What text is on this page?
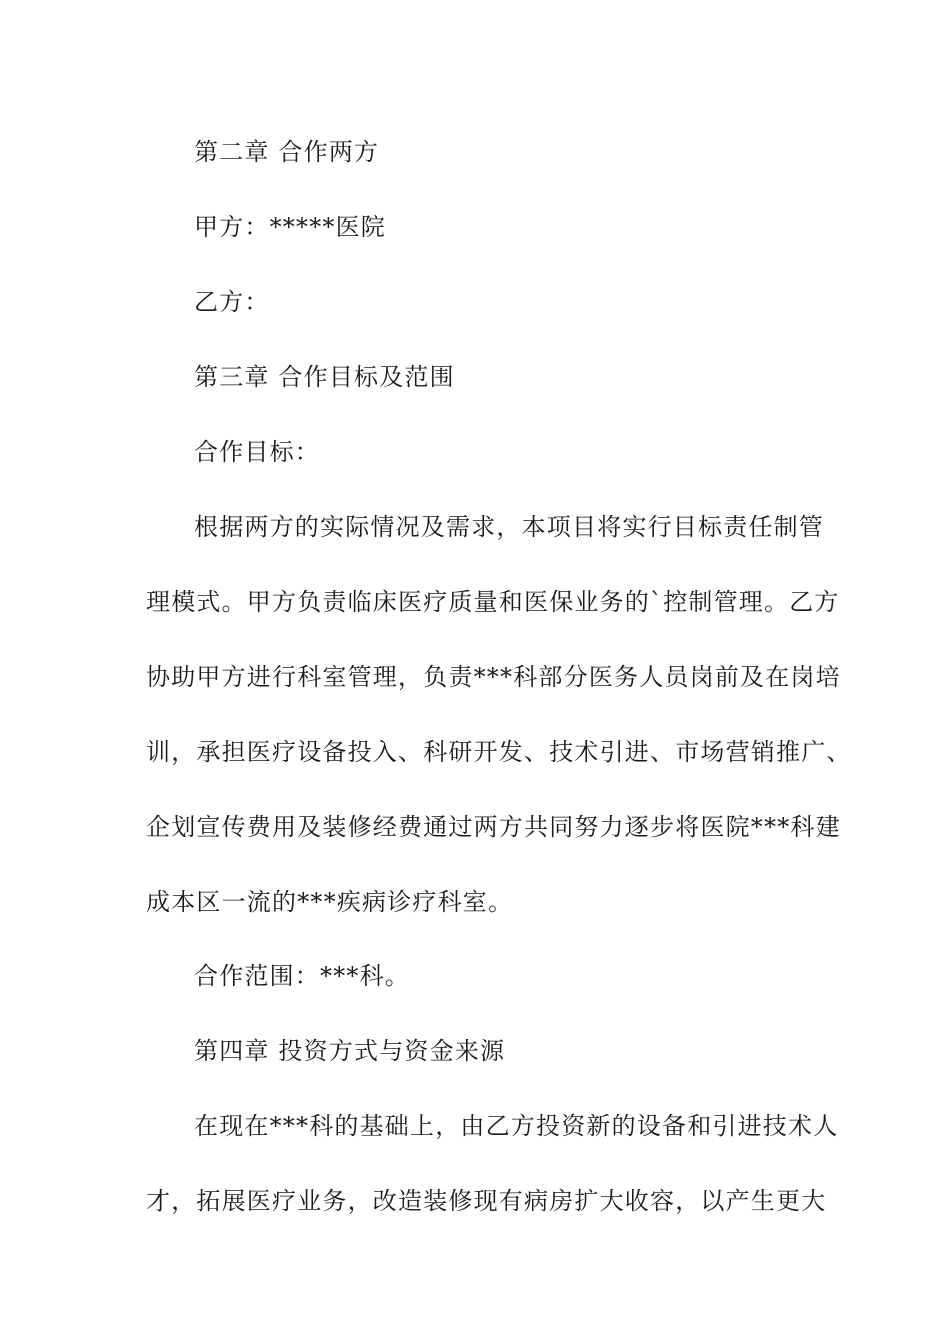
第二章 合作两方
甲方：*****医院
乙方：
第三章 合作目标及范围
合作目标：
根据两方的实际情况及需求，本项目将实行目标责任制管
理模式。甲方负责临床医疗质量和医保业务的`控制管理。乙方
协助甲方进行科室管理，负责***科部分医务人员岗前及在岗培
训，承担医疗设备投入、科研开发、技术引进、市场营销推广、
企划宣传费用及装修经费通过两方共同努力逐步将医院***科建
成本区一流的***疾病诊疗科室。
合作范围：***科。
第四章 投资方式与资金来源
在现在***科的基础上，由乙方投资新的设备和引进技术人
才，拓展医疗业务，改造装修现有病房扩大收容，以产生更大
